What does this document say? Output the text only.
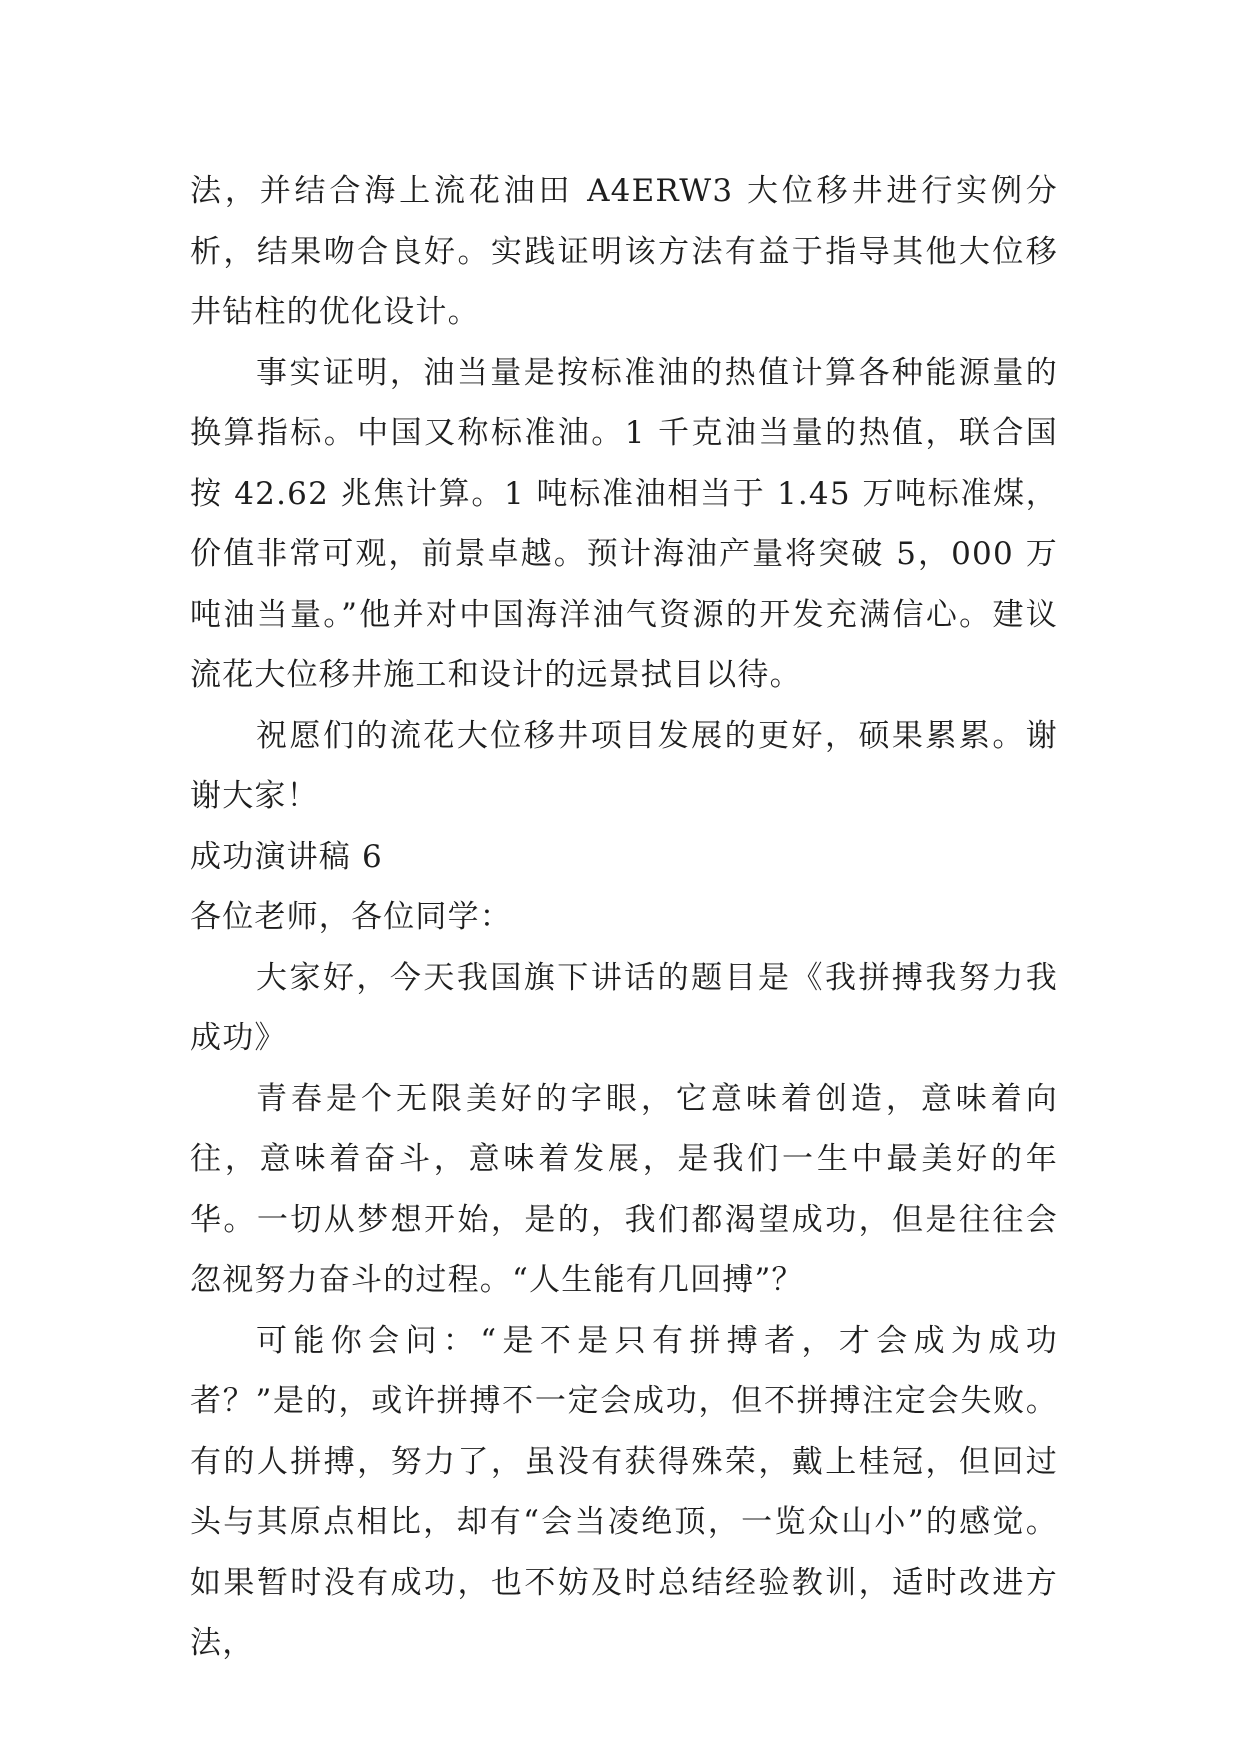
法，并结合海上流花油田 A4ERW3 大位移井进行实例分析，结果吻合良好。实践证明该方法有益于指导其他大位移井钻柱的优化设计。

事实证明，油当量是按标准油的热值计算各种能源量的换算指标。中国又称标准油。1 千克油当量的热值，联合国按 42.62 兆焦计算。1 吨标准油相当于 1.45 万吨标准煤，价值非常可观，前景卓越。预计海油产量将突破 5，000 万吨油当量。”他并对中国海洋油气资源的开发充满信心。建议流花大位移井施工和设计的远景拭目以待。

祝愿们的流花大位移井项目发展的更好，硕果累累。谢谢大家！

成功演讲稿 6

各位老师，各位同学：

大家好，今天我国旗下讲话的题目是《我拼搏我努力我成功》

青春是个无限美好的字眼，它意味着创造，意味着向往，意味着奋斗，意味着发展，是我们一生中最美好的年华。一切从梦想开始，是的，我们都渴望成功，但是往往会忽视努力奋斗的过程。“人生能有几回搏”？

可能你会问：“是不是只有拼搏者，才会成为成功者？”是的，或许拼搏不一定会成功，但不拼搏注定会失败。有的人拼搏，努力了，虽没有获得殊荣，戴上桂冠，但回过头与其原点相比，却有“会当凌绝顶，一览众山小”的感觉。如果暂时没有成功，也不妨及时总结经验教训，适时改进方法，
